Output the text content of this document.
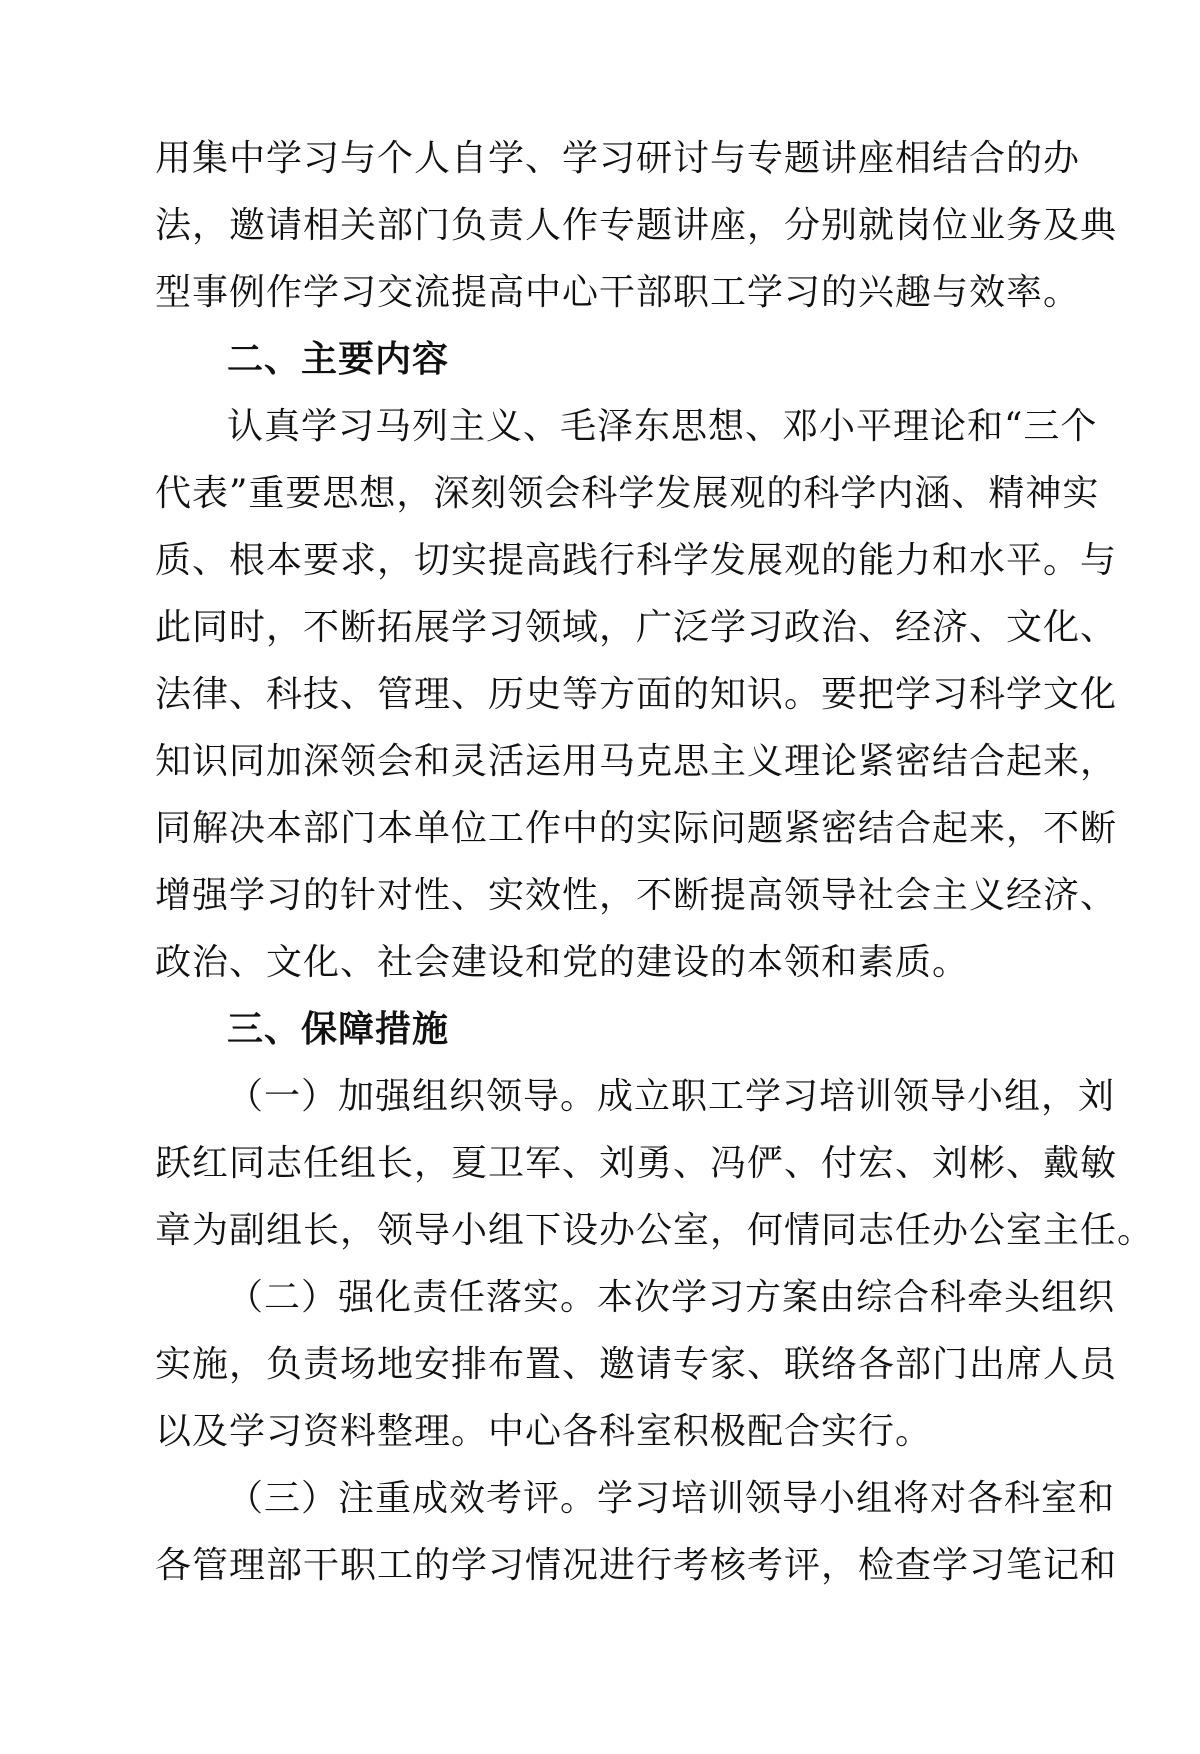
用集中学习与个人自学、学习研讨与专题讲座相结合的办
法，邀请相关部门负责人作专题讲座，分别就岗位业务及典
型事例作学习交流提高中心干部职工学习的兴趣与效率。
二、主要内容
认真学习马列主义、毛泽东思想、邓小平理论和“三个
代表”重要思想，深刻领会科学发展观的科学内涵、精神实
质、根本要求，切实提高践行科学发展观的能力和水平。与
此同时，不断拓展学习领域，广泛学习政治、经济、文化、
法律、科技、管理、历史等方面的知识。要把学习科学文化
知识同加深领会和灵活运用马克思主义理论紧密结合起来，
同解决本部门本单位工作中的实际问题紧密结合起来，不断
增强学习的针对性、实效性，不断提高领导社会主义经济、
政治、文化、社会建设和党的建设的本领和素质。
三、保障措施
（一）加强组织领导。成立职工学习培训领导小组，刘
跃红同志任组长，夏卫军、刘勇、冯俨、付宏、刘彬、戴敏
章为副组长，领导小组下设办公室，何情同志任办公室主任。
（二）强化责任落实。本次学习方案由综合科牵头组织
实施，负责场地安排布置、邀请专家、联络各部门出席人员
以及学习资料整理。中心各科室积极配合实行。
（三）注重成效考评。学习培训领导小组将对各科室和
各管理部干职工的学习情况进行考核考评，检查学习笔记和
